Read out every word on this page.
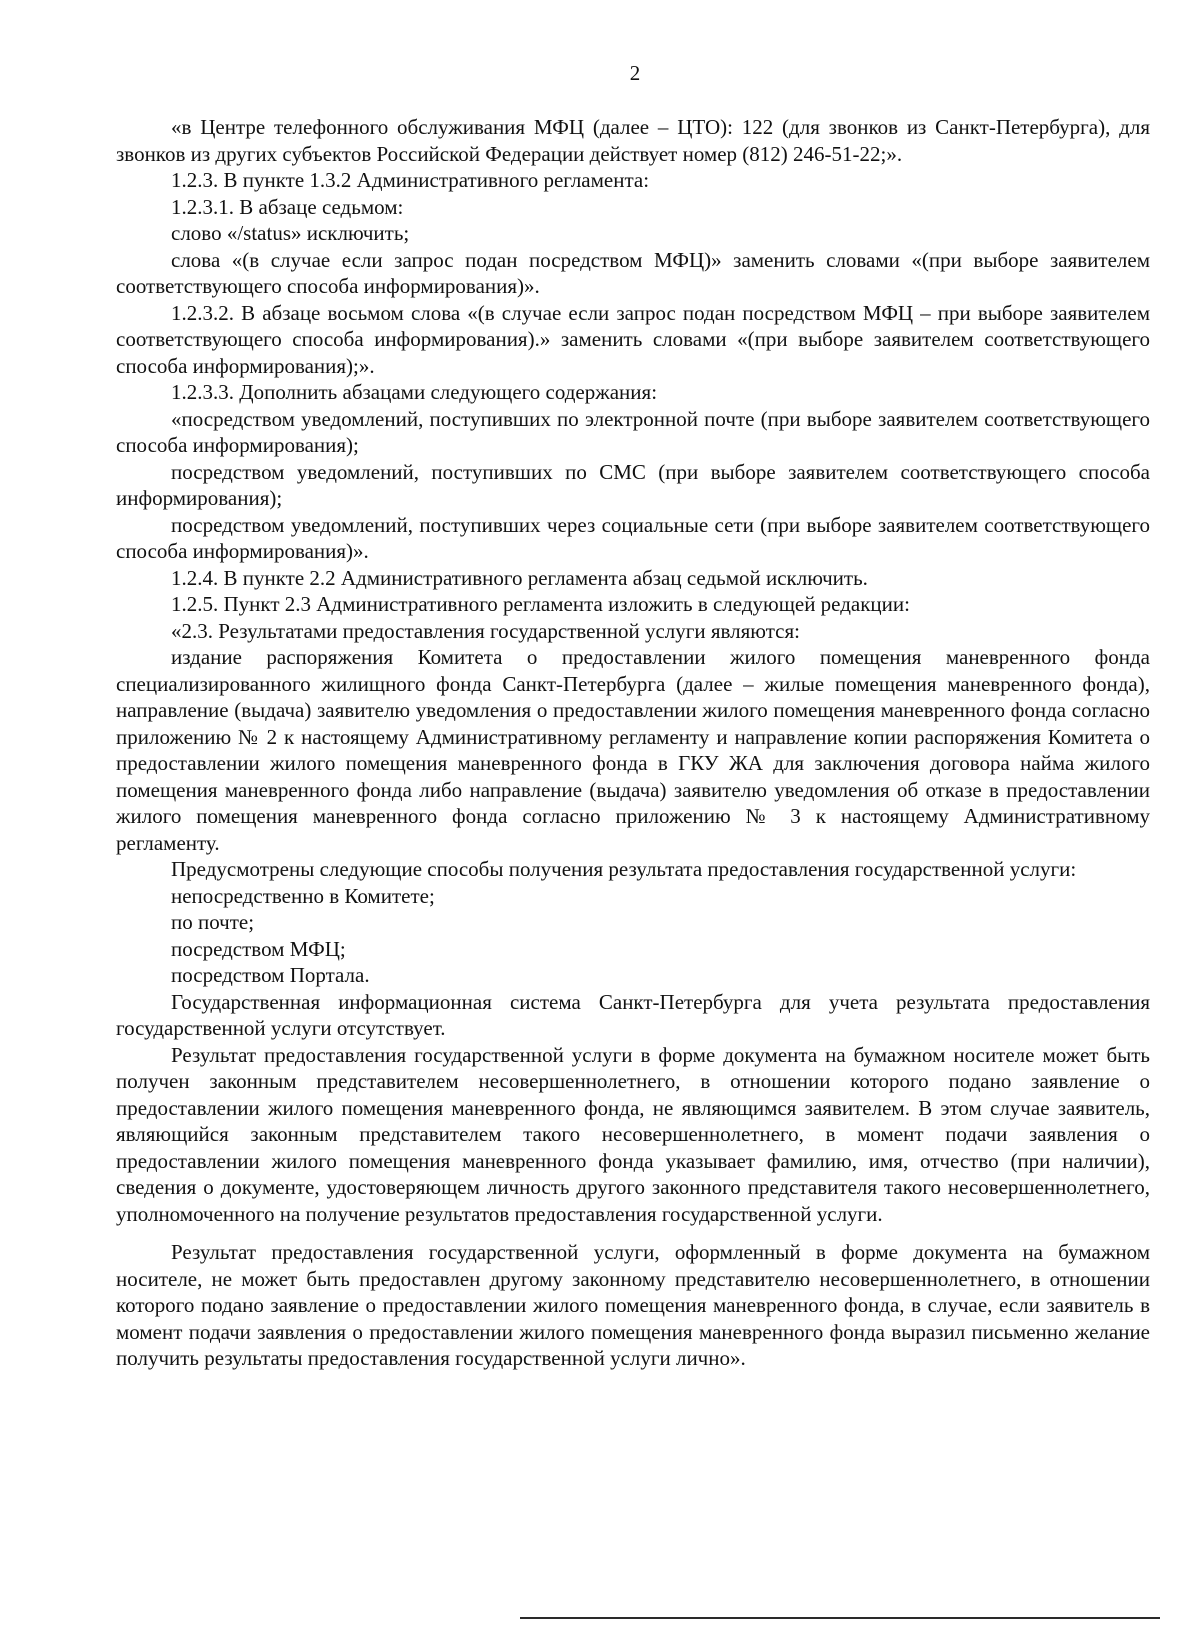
2

«в Центре телефонного обслуживания МФЦ (далее – ЦТО): 122 (для звонков из Санкт-Петербурга), для звонков из других субъектов Российской Федерации действует номер (812) 246-51-22;».

1.2.3. В пункте 1.3.2 Административного регламента:

1.2.3.1. В абзаце седьмом:

слово «/status» исключить;

слова «(в случае если запрос подан посредством МФЦ)» заменить словами «(при выборе заявителем соответствующего способа информирования)».

1.2.3.2. В абзаце восьмом слова «(в случае если запрос подан посредством МФЦ – при выборе заявителем соответствующего способа информирования).» заменить словами «(при выборе заявителем соответствующего способа информирования);».

1.2.3.3. Дополнить абзацами следующего содержания:

«посредством уведомлений, поступивших по электронной почте (при выборе заявителем соответствующего способа информирования);

посредством уведомлений, поступивших по СМС (при выборе заявителем соответствующего способа информирования);

посредством уведомлений, поступивших через социальные сети (при выборе заявителем соответствующего способа информирования)».

1.2.4. В пункте 2.2 Административного регламента абзац седьмой исключить.

1.2.5. Пункт 2.3 Административного регламента изложить в следующей редакции:

«2.3. Результатами предоставления государственной услуги являются:

издание распоряжения Комитета о предоставлении жилого помещения маневренного фонда специализированного жилищного фонда Санкт-Петербурга (далее – жилые помещения маневренного фонда), направление (выдача) заявителю уведомления о предоставлении жилого помещения маневренного фонда согласно приложению № 2 к настоящему Административному регламенту и направление копии распоряжения Комитета о предоставлении жилого помещения маневренного фонда в ГКУ ЖА для заключения договора найма жилого помещения маневренного фонда либо направление (выдача) заявителю уведомления об отказе в предоставлении жилого помещения маневренного фонда согласно приложению № 3 к настоящему Административному регламенту.

Предусмотрены следующие способы получения результата предоставления государственной услуги:

непосредственно в Комитете;

по почте;

посредством МФЦ;

посредством Портала.

Государственная информационная система Санкт-Петербурга для учета результата предоставления государственной услуги отсутствует.

Результат предоставления государственной услуги в форме документа на бумажном носителе может быть получен законным представителем несовершеннолетнего, в отношении которого подано заявление о предоставлении жилого помещения маневренного фонда, не являющимся заявителем. В этом случае заявитель, являющийся законным представителем такого несовершеннолетнего, в момент подачи заявления о предоставлении жилого помещения маневренного фонда указывает фамилию, имя, отчество (при наличии), сведения о документе, удостоверяющем личность другого законного представителя такого несовершеннолетнего, уполномоченного на получение результатов предоставления государственной услуги.

Результат предоставления государственной услуги, оформленный в форме документа на бумажном носителе, не может быть предоставлен другому законному представителю несовершеннолетнего, в отношении которого подано заявление о предоставлении жилого помещения маневренного фонда, в случае, если заявитель в момент подачи заявления о предоставлении жилого помещения маневренного фонда выразил письменно желание получить результаты предоставления государственной услуги лично».
